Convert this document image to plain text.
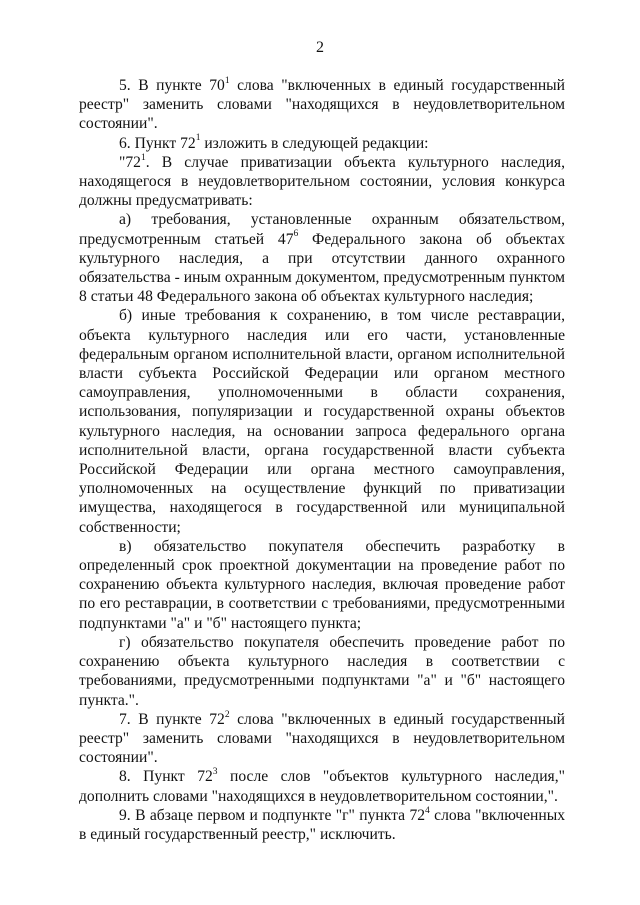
2

5. В пункте $70^1$ слова "включенных в единый государственный реестр" заменить словами "находящихся в неудовлетворительном состоянии".

6. Пункт $72^1$ изложить в следующей редакции:

"$72^1$. В случае приватизации объекта культурного наследия, находящегося в неудовлетворительном состоянии, условия конкурса должны предусматривать:

а) требования, установленные охранным обязательством, предусмотренным статьей $47^6$ Федерального закона об объектах культурного наследия, а при отсутствии данного охранного обязательства - иным охранным документом, предусмотренным пунктом 8 статьи 48 Федерального закона об объектах культурного наследия;

б) иные требования к сохранению, в том числе реставрации, объекта культурного наследия или его части, установленные федеральным органом исполнительной власти, органом исполнительной власти субъекта Российской Федерации или органом местного самоуправления, уполномоченными в области сохранения, использования, популяризации и государственной охраны объектов культурного наследия, на основании запроса федерального органа исполнительной власти, органа государственной власти субъекта Российской Федерации или органа местного самоуправления, уполномоченных на осуществление функций по приватизации имущества, находящегося в государственной или муниципальной собственности;

в) обязательство покупателя обеспечить разработку в определенный срок проектной документации на проведение работ по сохранению объекта культурного наследия, включая проведение работ по его реставрации, в соответствии с требованиями, предусмотренными подпунктами "а" и "б" настоящего пункта;

г) обязательство покупателя обеспечить проведение работ по сохранению объекта культурного наследия в соответствии с требованиями, предусмотренными подпунктами "а" и "б" настоящего пункта.".

7. В пункте $72^2$ слова "включенных в единый государственный реестр" заменить словами "находящихся в неудовлетворительном состоянии".

8. Пункт $72^3$ после слов "объектов культурного наследия," дополнить словами "находящихся в неудовлетворительном состоянии,".

9. В абзаце первом и подпункте "г" пункта $72^4$ слова "включенных в единый государственный реестр," исключить.
